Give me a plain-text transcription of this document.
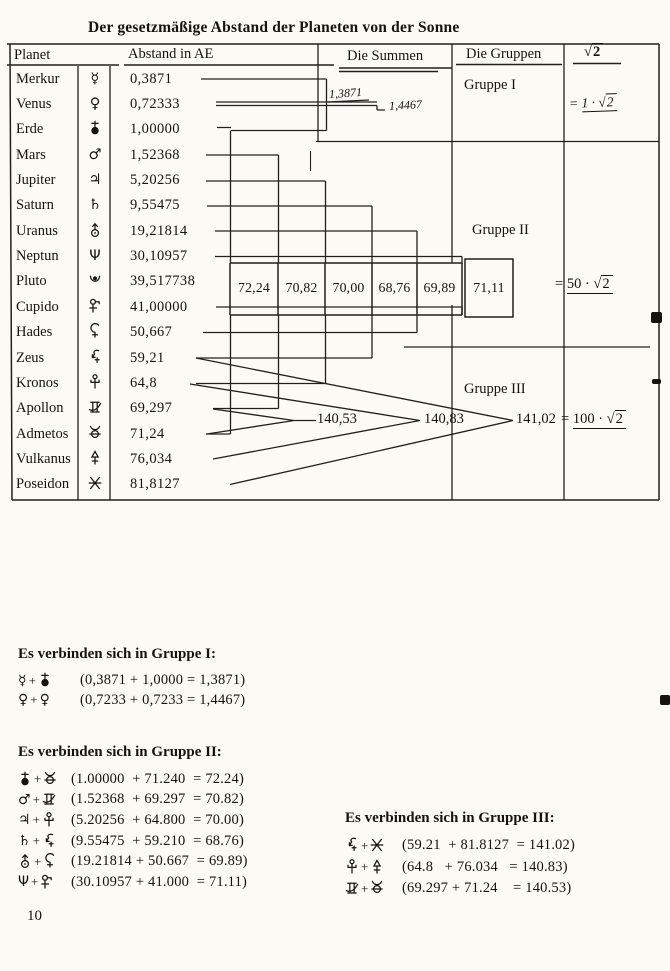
Der gesetzmäßige Abstand der Planeten von der Sonne
Planet	Abstand in AE	Die Summen	Die Gruppen	√2
Merkur	☿	0,3871
Venus	♀	0,72333
Erde	1,00000
Mars	♂	1,52368
Jupiter	♃	5,20256
Saturn	♄	9,55475
Uranus	19,21814
Neptun	Ψ	30,10957
Pluto	39,517738
Cupido	41,00000
Hades	50,667
Zeus	59,21
Kronos	64,8
Apollon	69,297
Admetos	71,24
Vulkanus	76,034
Poseidon	81,8127
72,24 70,82 70,00 68,76 69,89 71,11
Gruppe I
Gruppe II
Gruppe III
1,3871
1,4467	= 1 · √2
= 50 · √2
140,53	140,83	141,02 = 100 · √2
Es verbinden sich in Gruppe I:
☿ +	(0,3871 + 1,0000 = 1,3871)
♀ + ♀ (0,7233 + 0,7233 = 1,4467)
Es verbinden sich in Gruppe II:
+ (1.00000  + 71.240  = 72.24)
♂ + (1.52368  + 69.297  = 70.82)
♃ + (5.20256  + 64.800  = 70.00)
♄ + (9.55475  + 59.210  = 68.76)
+ (19.21814 + 50.667  = 69.89)
Ψ + (30.10957 + 41.000  = 71.11)
Es verbinden sich in Gruppe III:
+ (59.21  + 81.8127  = 141.02)
+ (64.8   + 76.034   = 140.83)
+ (69.297 + 71.24    = 140.53)
10
